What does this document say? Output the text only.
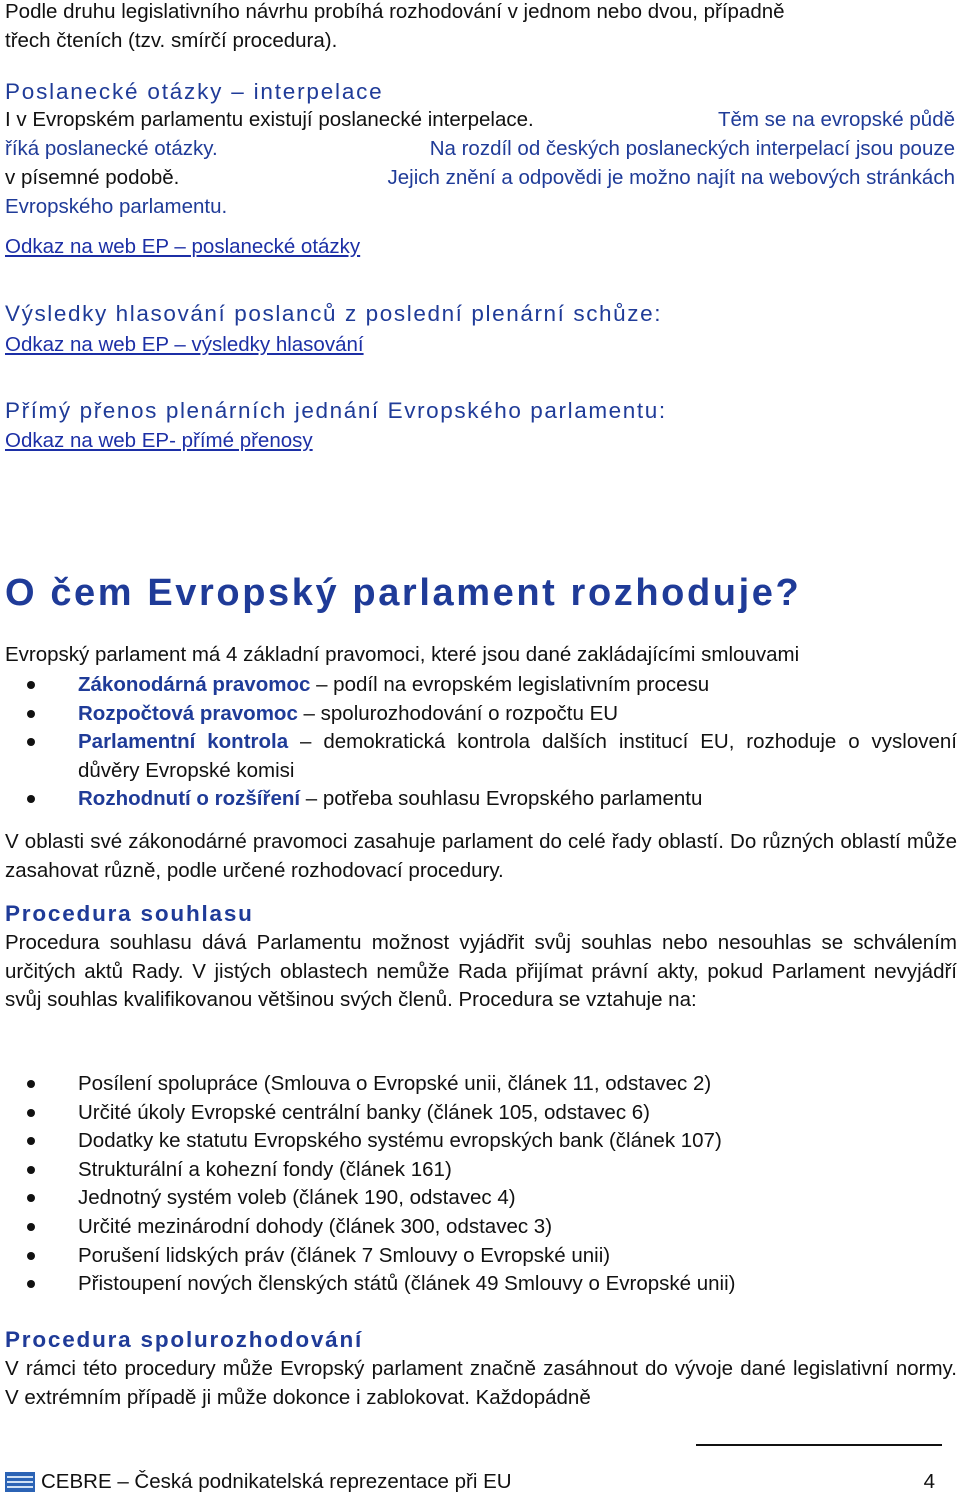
Podle druhu legislativního návrhu probíhá rozhodování v jednom nebo dvou, případně

třech čteních (tzv. smírčí procedura).

Poslanecké otázky – interpelace

I v Evropském parlamentu existují poslanecké interpelace.	Těm se na evropské půdě

říká poslanecké otázky.	Na rozdíl od českých poslaneckých interpelací jsou pouze

v písemné podobě.	Jejich znění a odpovědi je možno najít na webových stránkách

Evropského parlamentu.

Odkaz na web EP – poslanecké otázky

Výsledky hlasování poslanců z poslední plenární schůze:

Odkaz na web EP – výsledky hlasování

Přímý přenos plenárních jednání Evropského parlamentu:

Odkaz na web EP- přímé přenosy
O čem Evropský parlament rozhoduje?

Evropský parlament má 4 základní pravomoci, které jsou dané zakládajícími smlouvami

Zákonodárná pravomoc – podíl na evropském legislativním procesu
Rozpočtová pravomoc – spolurozhodování o rozpočtu EU
Parlamentní kontrola – demokratická kontrola dalších institucí EU, rozhoduje o vyslovení důvěry Evropské komisi
Rozhodnutí o rozšíření – potřeba souhlasu Evropského parlamentu

V oblasti své zákonodárné pravomoci zasahuje parlament do celé řady oblastí. Do různých oblastí může zasahovat různě, podle určené rozhodovací procedury.

Procedura souhlasu

Procedura souhlasu dává Parlamentu možnost vyjádřit svůj souhlas nebo nesouhlas se schválením určitých aktů Rady. V jistých oblastech nemůže Rada přijímat právní akty, pokud Parlament nevyjádří svůj souhlas kvalifikovanou většinou svých členů. Procedura se vztahuje na:

Posílení spolupráce (Smlouva o Evropské unii, článek 11, odstavec 2)
Určité úkoly Evropské centrální banky (článek 105, odstavec 6)
Dodatky ke statutu Evropského systému evropských bank (článek 107)
Strukturální a kohezní fondy (článek 161)
Jednotný systém voleb (článek 190, odstavec 4)
Určité mezinárodní dohody (článek 300, odstavec 3)
Porušení lidských práv (článek 7 Smlouvy o Evropské unii)
Přistoupení nových členských států (článek 49 Smlouvy o Evropské unii)

Procedura spolurozhodování

V rámci této procedury může Evropský parlament značně zasáhnout do vývoje dané legislativní normy. V extrémním případě ji může dokonce i zablokovat. Každopádně

CEBRE – Česká podnikatelská reprezentace při EU	4
